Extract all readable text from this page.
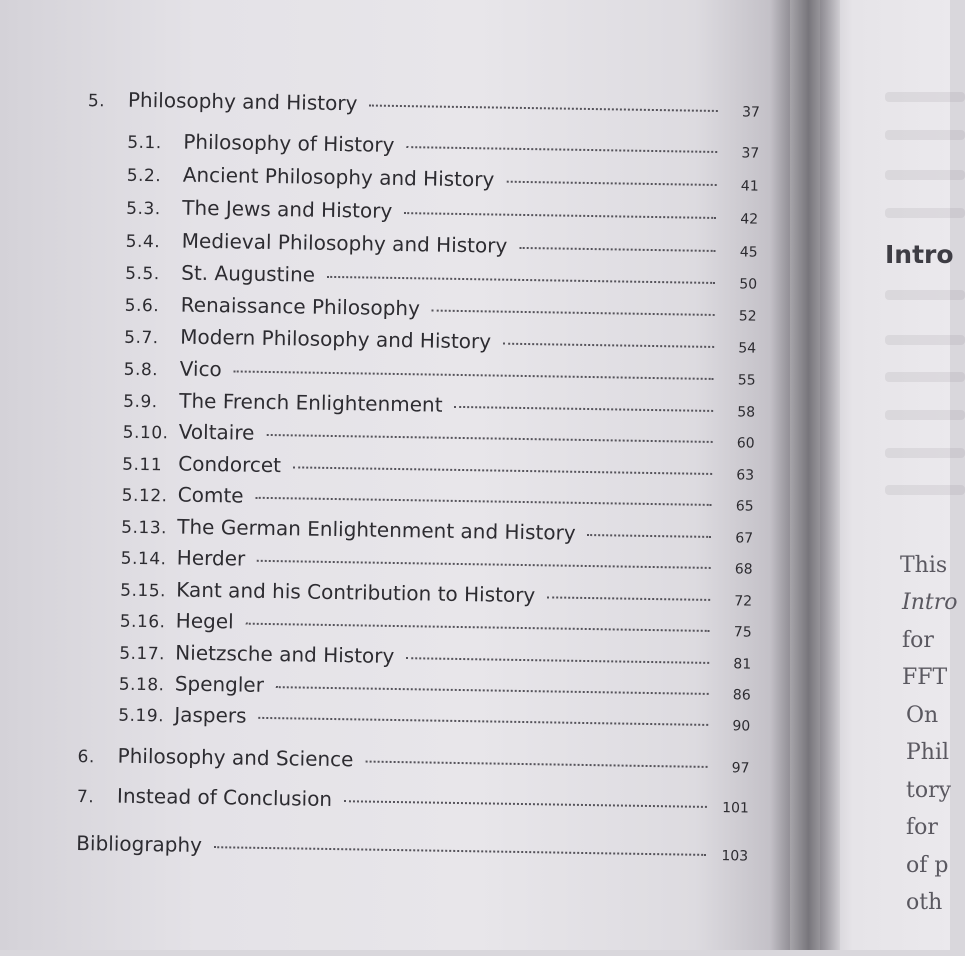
5.	Philosophy and History	37
5.1.	Philosophy of History	37
5.2.	Ancient Philosophy and History	41
5.3.	The Jews and History	42
5.4.	Medieval Philosophy and History	45
5.5.	St. Augustine	50
5.6.	Renaissance Philosophy	52
5.7.	Modern Philosophy and History	54
5.8.	Vico	55
5.9.	The French Enlightenment	58
5.10. Voltaire	60
5.11 Condorcet	63
5.12. Comte	65
5.13. The German Enlightenment and History	67
5.14. Herder	68
5.15. Kant and his Contribution to History	72
5.16. Hegel	75
5.17. Nietzsche and History	81
5.18. Spengler	86
5.19. Jaspers	90
6.	Philosophy and Science	97
7.	Instead of Conclusion	101
Bibliography	103
Intro
This
Intro
for
FFT
On
Phil
tory
for
of p
oth
